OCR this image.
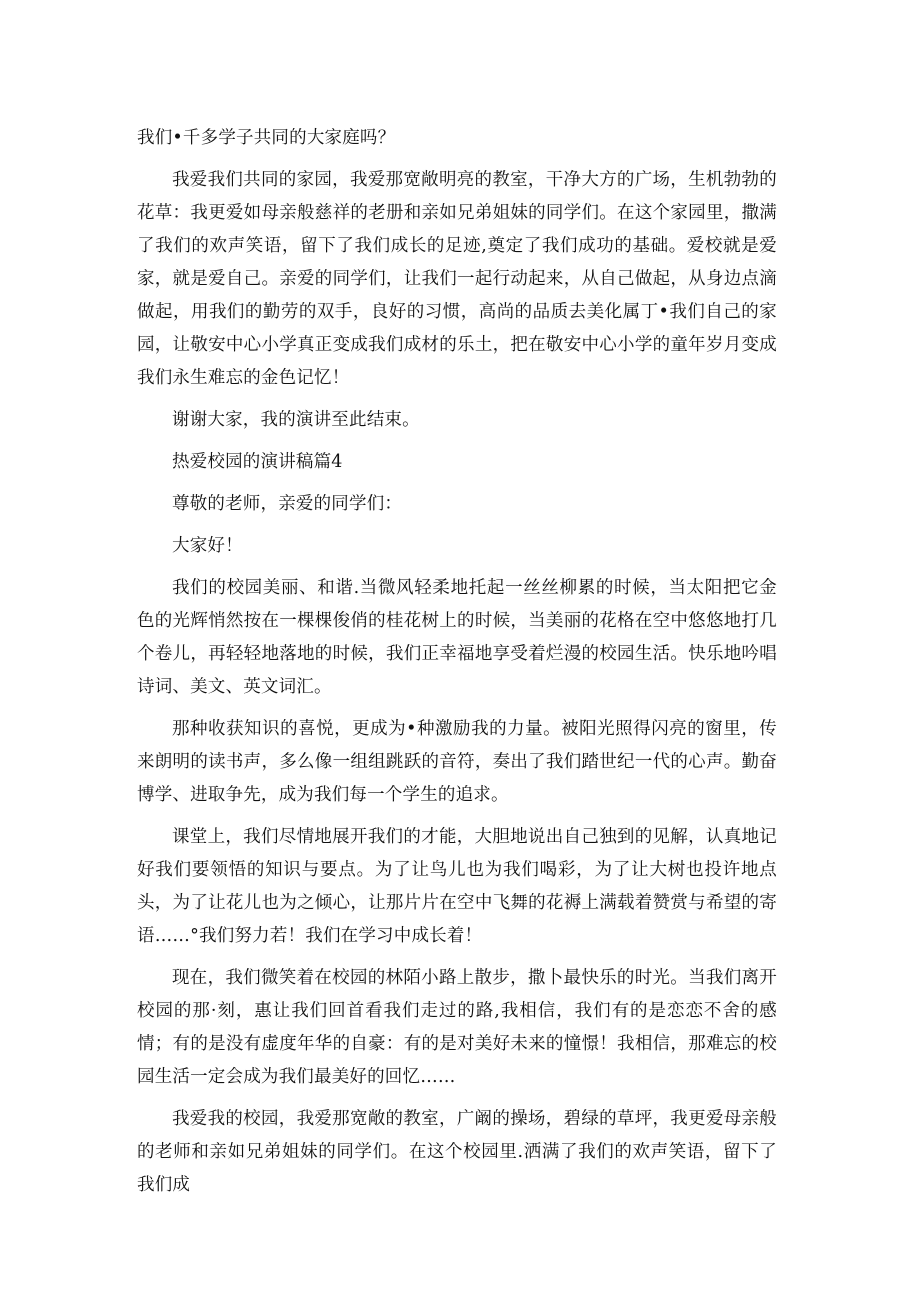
我们•千多学子共同的大家庭吗？

我爱我们共同的家园，我爱那宽敞明亮的教室，干净大方的广场，生机勃勃的花草：我更爱如母亲般慈祥的老册和亲如兄弟姐妹的同学们。在这个家园里，撒满了我们的欢声笑语，留下了我们成长的足迹,奠定了我们成功的基础。爱校就是爱家，就是爱自己。亲爱的同学们，让我们一起行动起来，从自己做起，从身边点滴做起，用我们的勤劳的双手，良好的习惯，高尚的品质去美化属丁•我们自己的家园，让敬安中心小学真正变成我们成材的乐土，把在敬安中心小学的童年岁月变成我们永生难忘的金色记忆！

谢谢大家，我的演讲至此结束。

热爱校园的演讲稿篇4

尊敬的老师，亲爱的同学们：

大家好！

我们的校园美丽、和谐.当微风轻柔地托起一丝丝柳累的时候，当太阳把它金色的光辉悄然按在一棵棵俊俏的桂花树上的时候，当美丽的花格在空中悠悠地打几个卷儿，再轻轻地落地的时候，我们正幸福地享受着烂漫的校园生活。快乐地吟唱诗词、美文、英文词汇。

那种收获知识的喜悦，更成为•种激励我的力量。被阳光照得闪亮的窗里，传来朗明的读书声，多么像一组组跳跃的音符，奏出了我们踏世纪一代的心声。勤奋博学、进取争先，成为我们每一个学生的追求。

课堂上，我们尽情地展开我们的才能，大胆地说出自己独到的见解，认真地记好我们要领悟的知识与要点。为了让鸟儿也为我们喝彩，为了让大树也投许地点头，为了让花儿也为之倾心，让那片片在空中飞舞的花褥上满载着赞赏与希望的寄语……°我们努力若！我们在学习中成长着！

现在，我们微笑着在校园的林陌小路上散步，撒卜最快乐的时光。当我们离开校园的那·刻，惠让我们回首看我们走过的路,我相信，我们有的是恋恋不舍的感情；有的是没有虚度年华的自豪：有的是对美好未来的憧憬！我相信，那难忘的校园生活一定会成为我们最美好的回忆……

我爱我的校园，我爱那宽敞的教室，广阚的操场，碧绿的草坪，我更爱母亲般的老师和亲如兄弟姐妹的同学们。在这个校园里.洒满了我们的欢声笑语，留下了我们成
